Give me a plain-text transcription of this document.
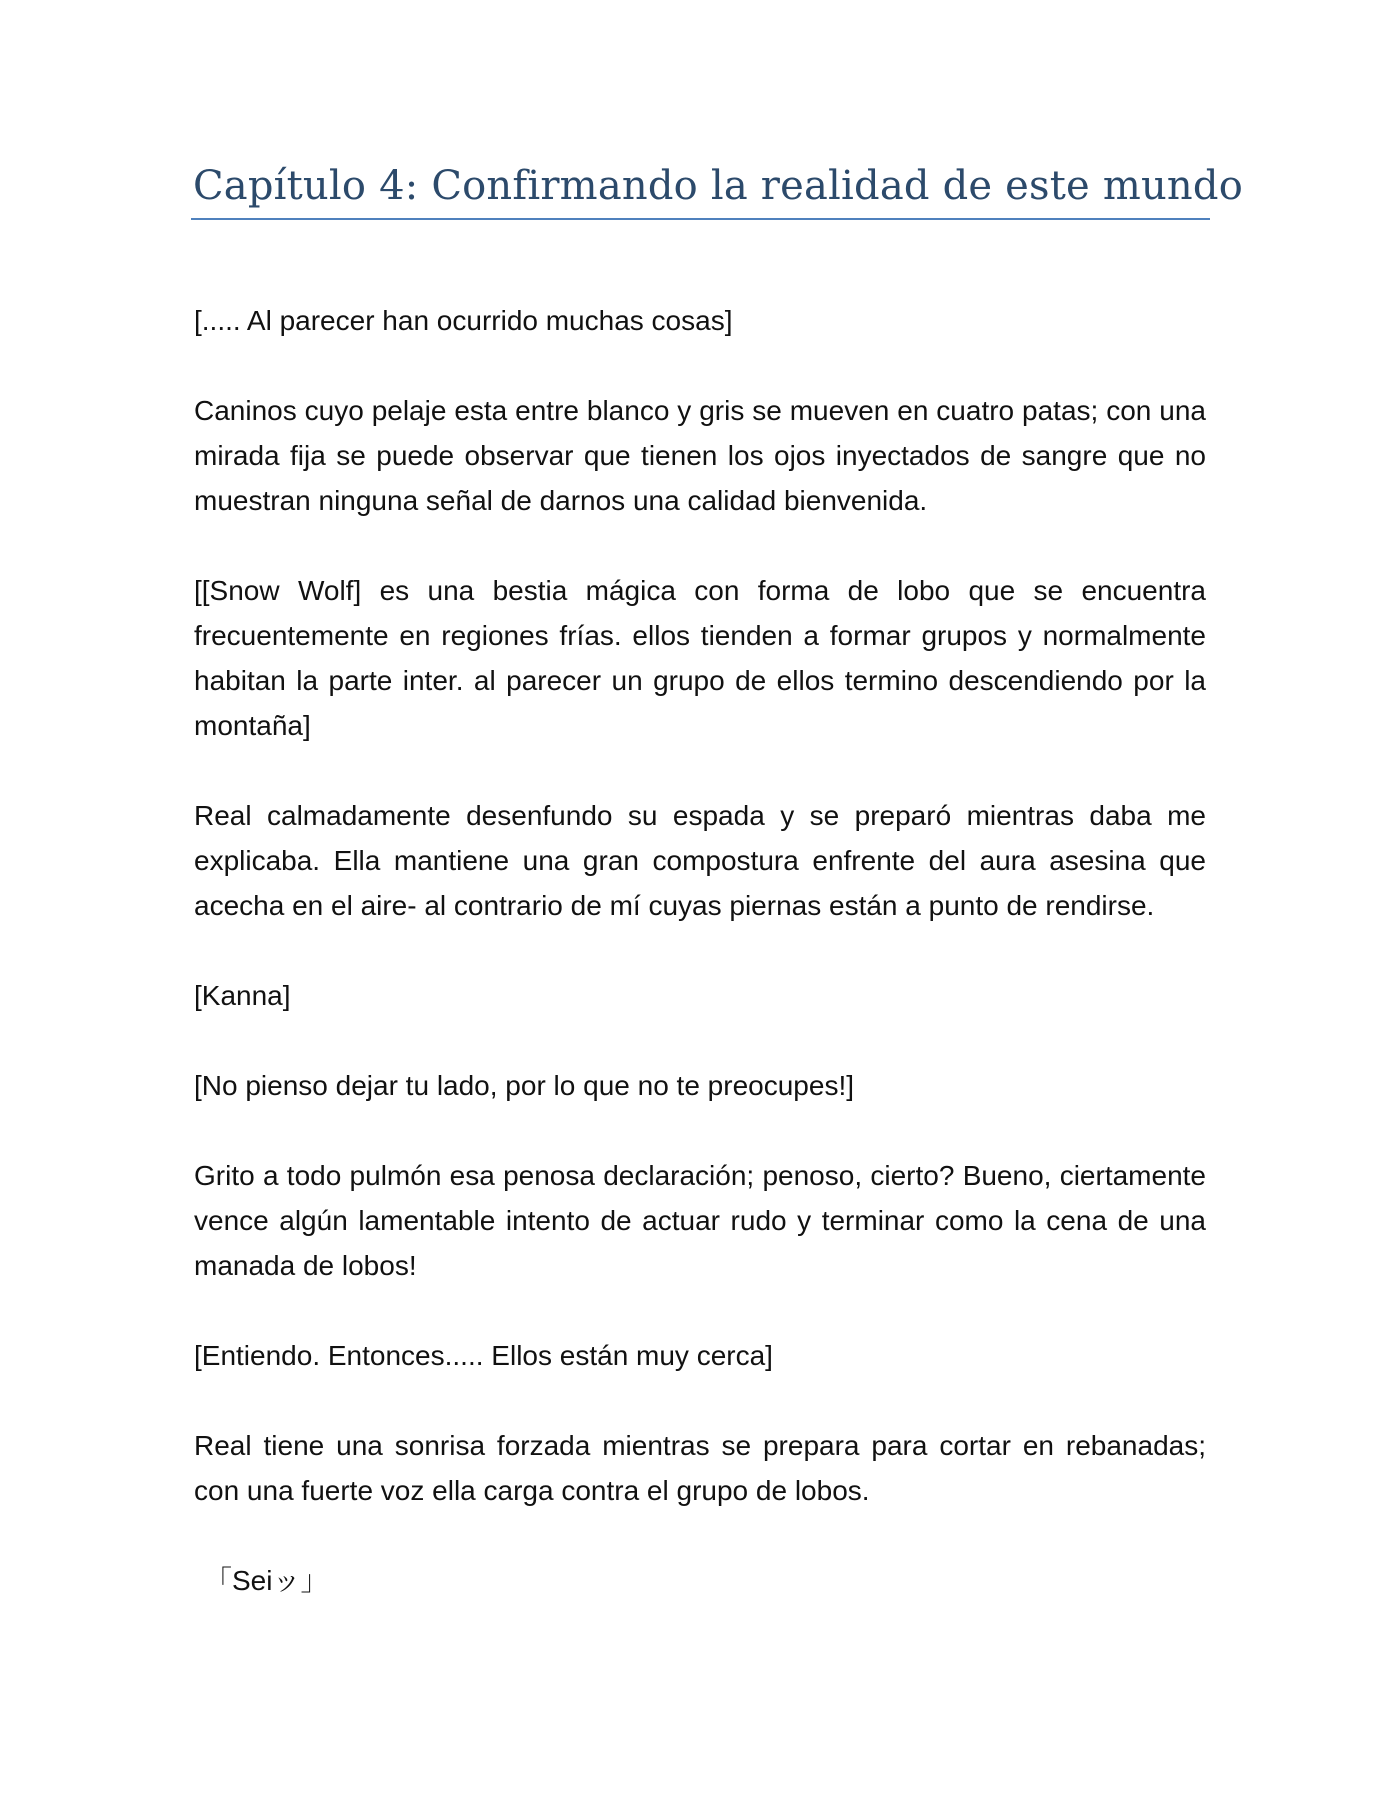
Capítulo 4: Confirmando la realidad de este mundo

[..... Al parecer han ocurrido muchas cosas]

Caninos cuyo pelaje esta entre blanco y gris se mueven en cuatro patas; con una mirada fija se puede observar que tienen los ojos inyectados de sangre que no muestran ninguna señal de darnos una calidad bienvenida.

[[Snow Wolf] es una bestia mágica con forma de lobo que se encuentra frecuentemente en regiones frías. ellos tienden a formar grupos y normalmente habitan la parte inter. al parecer un grupo de ellos termino descendiendo por la montaña]

Real calmadamente desenfundo su espada y se preparó mientras daba me explicaba. Ella mantiene una gran compostura enfrente del aura asesina que acecha en el aire- al contrario de mí cuyas piernas están a punto de rendirse.

[Kanna]

[No pienso dejar tu lado, por lo que no te preocupes!]

Grito a todo pulmón esa penosa declaración; penoso, cierto? Bueno, ciertamente vence algún lamentable intento de actuar rudo y terminar como la cena de una manada de lobos!

[Entiendo. Entonces..... Ellos están muy cerca]

Real tiene una sonrisa forzada mientras se prepara para cortar en rebanadas; con una fuerte voz ella carga contra el grupo de lobos.

「Seiッ」
